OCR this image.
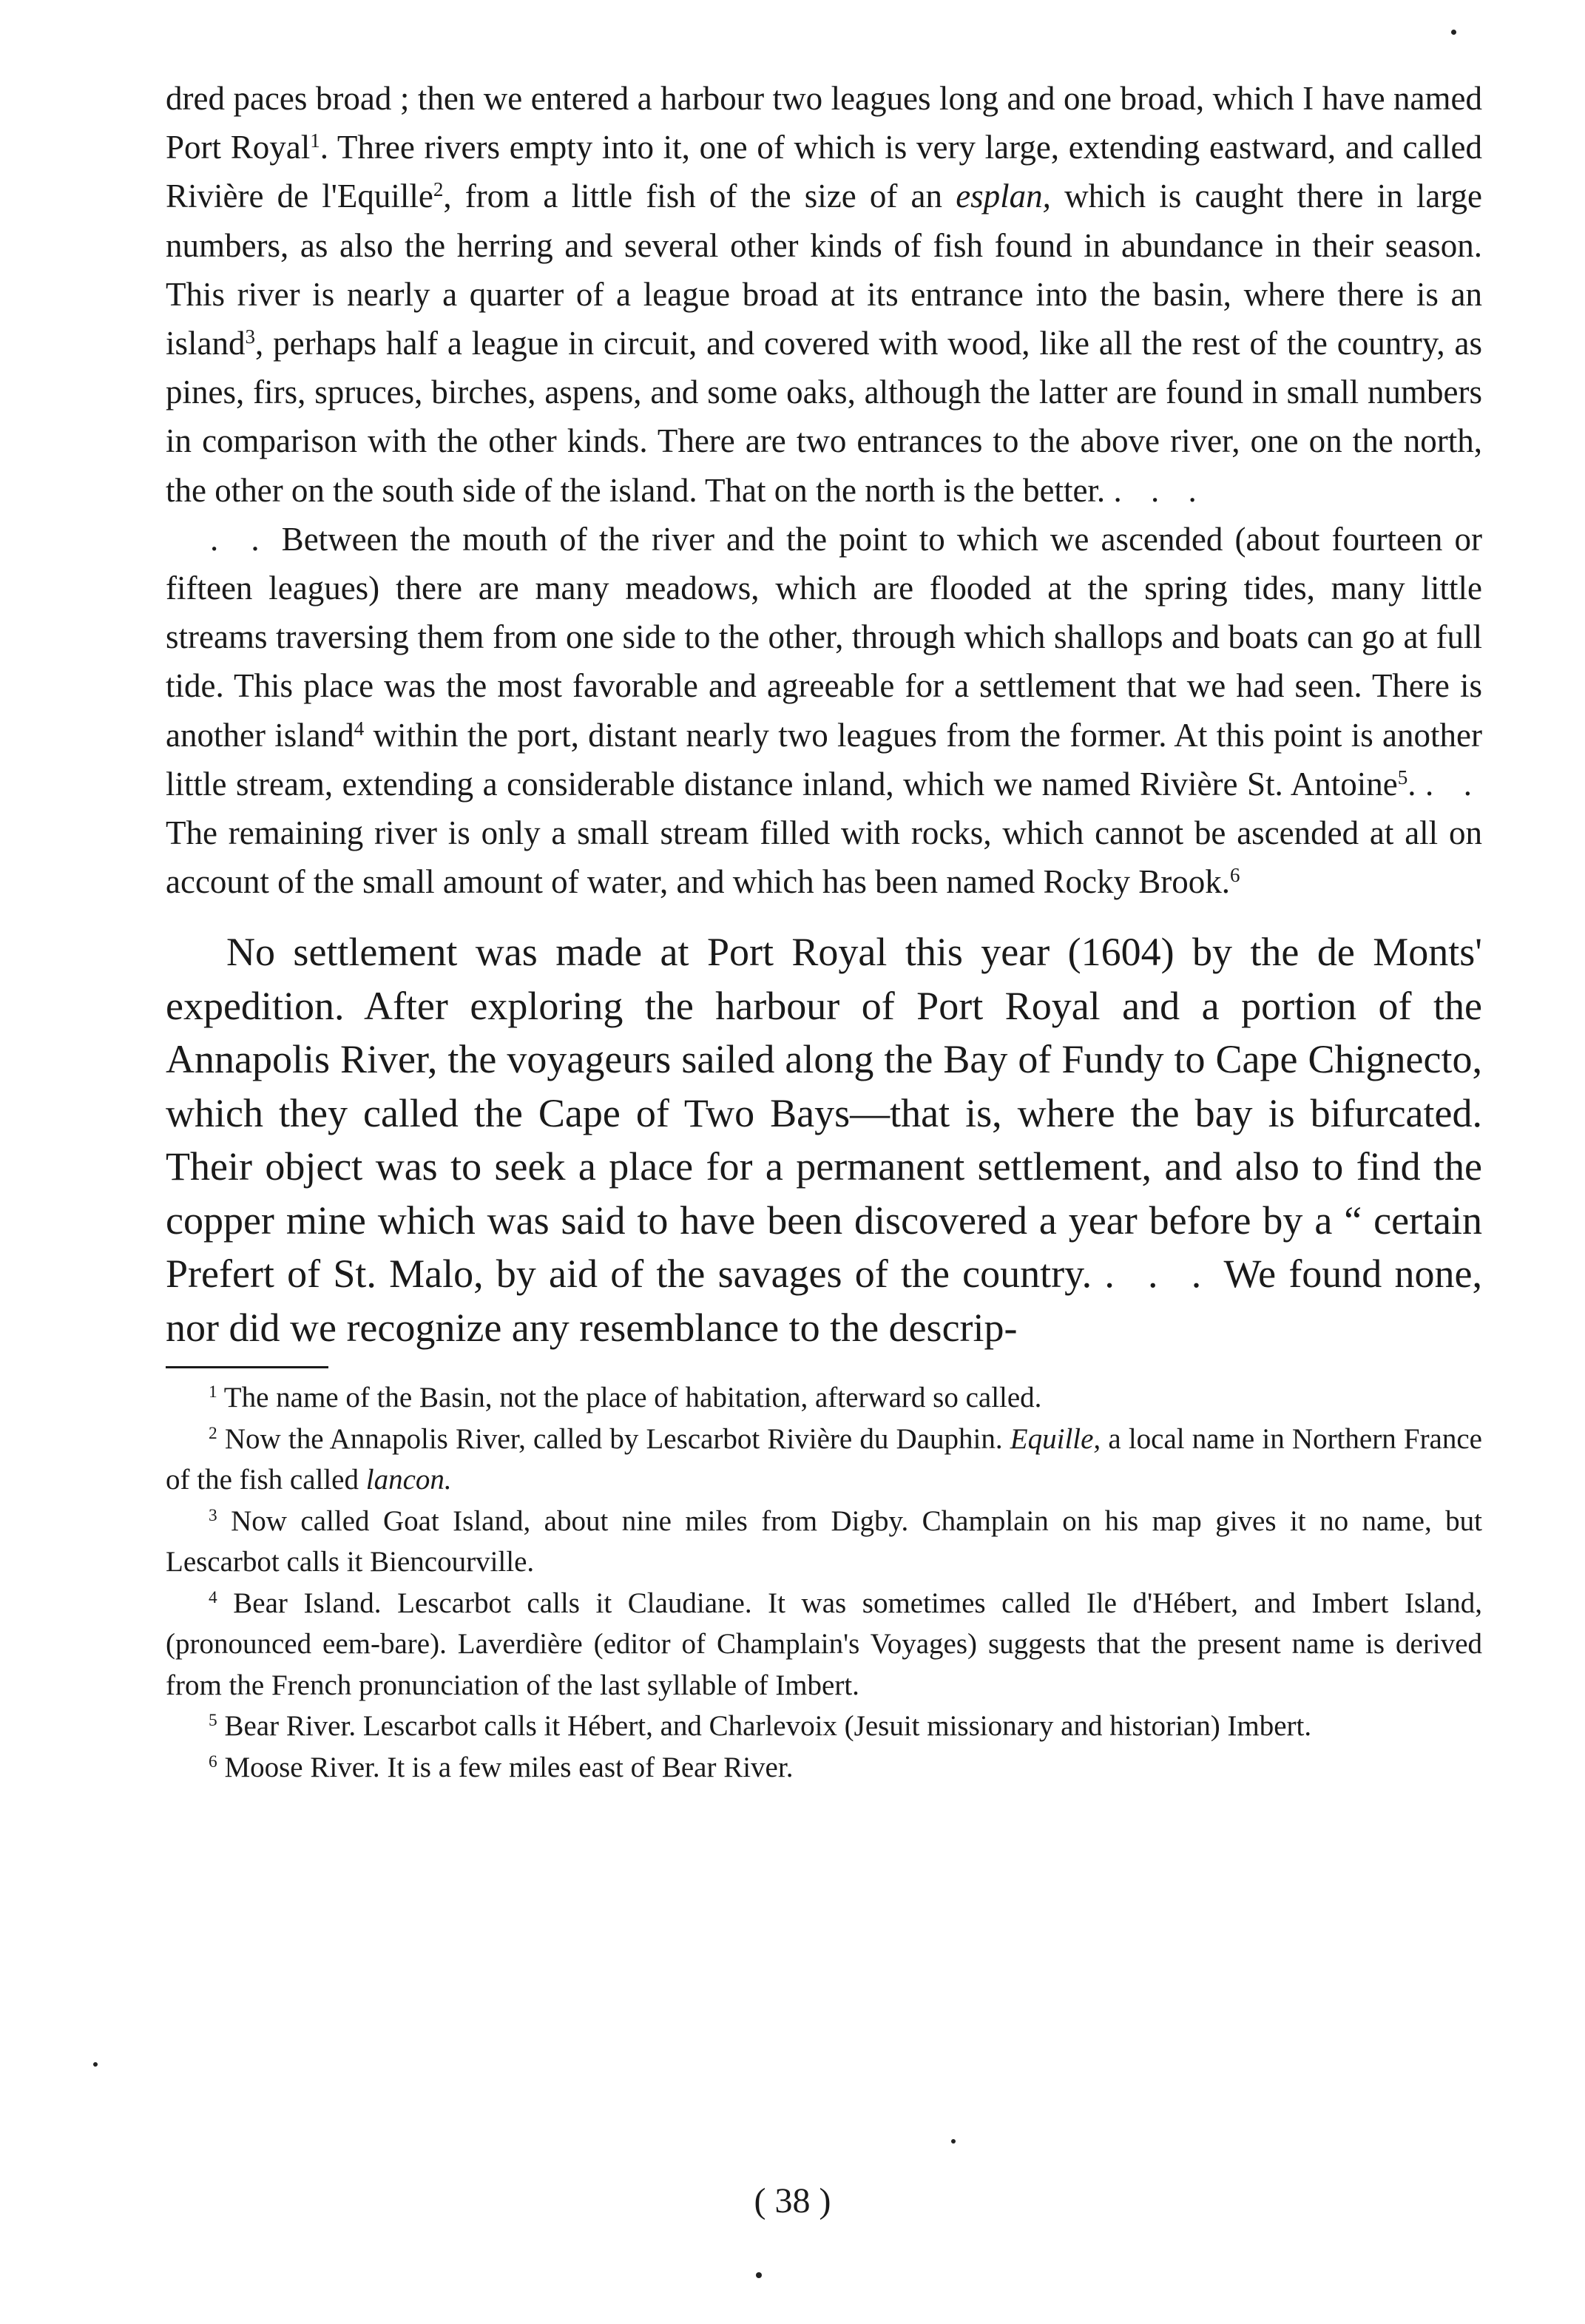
dred paces broad ; then we entered a harbour two leagues long and one broad, which I have named Port Royal$^1$. Three rivers empty into it, one of which is very large, extending eastward, and called Rivière de l'Equille$^2$, from a little fish of the size of an esplan, which is caught there in large numbers, as also the herring and several other kinds of fish found in abundance in their season. This river is nearly a quarter of a league broad at its entrance into the basin, where there is an island$^3$, perhaps half a league in circuit, and covered with wood, like all the rest of the country, as pines, firs, spruces, birches, aspens, and some oaks, although the latter are found in small numbers in comparison with the other kinds. There are two entrances to the above river, one on the north, the other on the south side of the island. That on the north is the better. . . .

. . Between the mouth of the river and the point to which we ascended (about fourteen or fifteen leagues) there are many meadows, which are flooded at the spring tides, many little streams traversing them from one side to the other, through which shallops and boats can go at full tide. This place was the most favorable and agreeable for a settlement that we had seen. There is another island$^4$ within the port, distant nearly two leagues from the former. At this point is another little stream, extending a considerable distance inland, which we named Rivière St. Antoine$^5$. . . The remaining river is only a small stream filled with rocks, which cannot be ascended at all on account of the small amount of water, and which has been named Rocky Brook.$^6$

No settlement was made at Port Royal this year (1604) by the de Monts' expedition. After exploring the harbour of Port Royal and a portion of the Annapolis River, the voyageurs sailed along the Bay of Fundy to Cape Chignecto, which they called the Cape of Two Bays—that is, where the bay is bifurcated. Their object was to seek a place for a permanent settlement, and also to find the copper mine which was said to have been discovered a year before by a “ certain Prefert of St. Malo, by aid of the savages of the country. . . . We found none, nor did we recognize any resemblance to the descrip-

$^1$ The name of the Basin, not the place of habitation, afterward so called.

$^2$ Now the Annapolis River, called by Lescarbot Rivière du Dauphin. Equille, a local name in Northern France of the fish called lancon.

$^3$ Now called Goat Island, about nine miles from Digby. Champlain on his map gives it no name, but Lescarbot calls it Biencourville.

$^4$ Bear Island. Lescarbot calls it Claudiane. It was sometimes called Ile d'Hébert, and Imbert Island, (pronounced eem-bare). Laverdière (editor of Champlain's Voyages) suggests that the present name is derived from the French pronunciation of the last syllable of Imbert.

$^5$ Bear River. Lescarbot calls it Hébert, and Charlevoix (Jesuit missionary and historian) Imbert.

$^6$ Moose River. It is a few miles east of Bear River.

( 38 )
